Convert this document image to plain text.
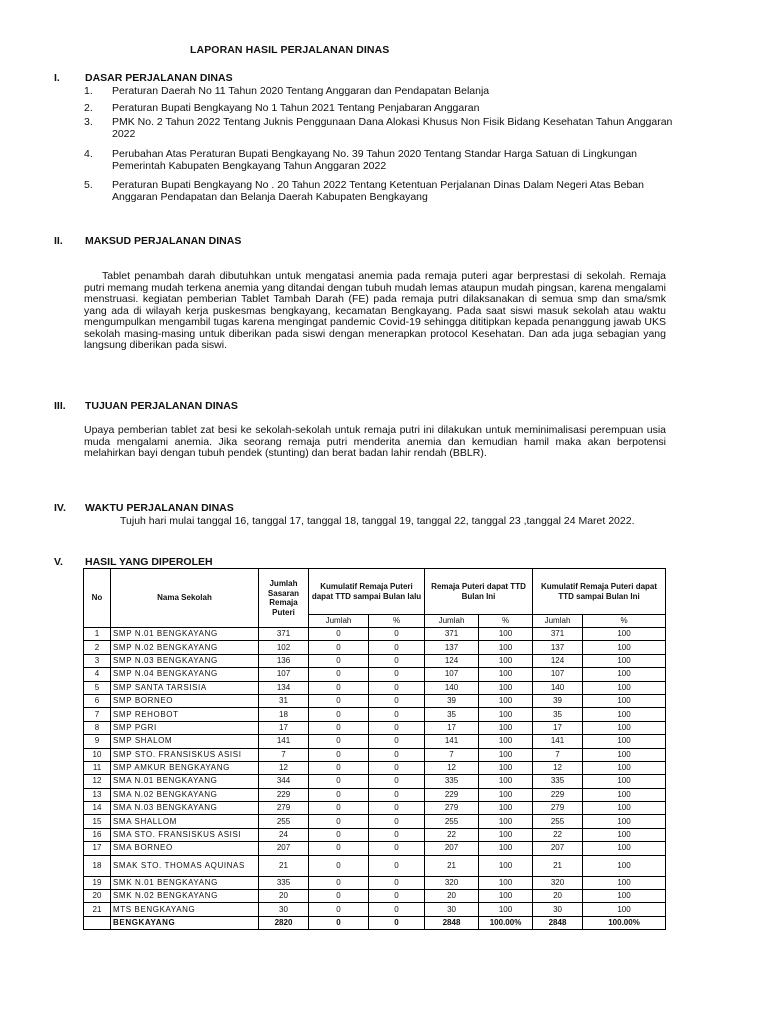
LAPORAN HASIL PERJALANAN DINAS
I. DASAR PERJALANAN DINAS
1. Peraturan Daerah No 11 Tahun 2020 Tentang Anggaran dan Pendapatan Belanja
2. Peraturan Bupati Bengkayang No 1 Tahun 2021 Tentang Penjabaran Anggaran
3. PMK No. 2 Tahun 2022 Tentang Juknis Penggunaan Dana Alokasi Khusus Non Fisik Bidang Kesehatan Tahun Anggaran 2022
4. Perubahan Atas Peraturan Bupati Bengkayang No. 39 Tahun 2020 Tentang Standar Harga Satuan di Lingkungan Pemerintah Kabupaten Bengkayang Tahun Anggaran 2022
5. Peraturan Bupati Bengkayang No . 20 Tahun 2022 Tentang Ketentuan Perjalanan Dinas Dalam Negeri Atas Beban Anggaran Pendapatan dan Belanja Daerah Kabupaten Bengkayang
II. MAKSUD PERJALANAN DINAS
Tablet penambah darah dibutuhkan untuk mengatasi anemia pada remaja puteri agar berprestasi di sekolah. Remaja putri memang mudah terkena anemia yang ditandai dengan tubuh mudah lemas ataupun mudah pingsan, karena mengalami menstruasi. kegiatan pemberian Tablet Tambah Darah (FE) pada remaja putri dilaksanakan di semua smp dan sma/smk yang ada di wilayah kerja puskesmas bengkayang, kecamatan Bengkayang. Pada saat siswi masuk sekolah atau waktu mengumpulkan mengambil tugas karena mengingat pandemic Covid-19 sehingga dititipkan kepada penanggung jawab UKS sekolah masing-masing untuk diberikan pada siswi dengan menerapkan protocol Kesehatan. Dan ada juga sebagian yang langsung diberikan pada siswi.
III. TUJUAN PERJALANAN DINAS
Upaya pemberian tablet zat besi ke sekolah-sekolah untuk remaja putri ini dilakukan untuk meminimalisasi perempuan usia muda mengalami anemia. Jika seorang remaja putri menderita anemia dan kemudian hamil maka akan berpotensi melahirkan bayi dengan tubuh pendek (stunting) dan berat badan lahir rendah (BBLR).
IV. WAKTU PERJALANAN DINAS
Tujuh hari mulai tanggal 16, tanggal 17, tanggal 18, tanggal 19, tanggal 22, tanggal 23 ,tanggal 24 Maret 2022.
V. HASIL YANG DIPEROLEH
No	Nama Sekolah	Jumlah Sasaran Remaja Puteri	Kumulatif Remaja Puteri dapat TTD sampai Bulan lalu		Remaja Puteri dapat TTD Bulan Ini		Kumulatif Remaja Puteri dapat TTD sampai Bulan Ini	
			Jumlah	%	Jumlah	%	Jumlah	%
1	SMP N.01 BENGKAYANG	371	0	0	371	100	371	100
2	SMP N.02 BENGKAYANG	102	0	0	137	100	137	100
3	SMP N.03 BENGKAYANG	136	0	0	124	100	124	100
4	SMP N.04 BENGKAYANG	107	0	0	107	100	107	100
5	SMP SANTA TARSISIA	134	0	0	140	100	140	100
6	SMP BORNEO	31	0	0	39	100	39	100
7	SMP REHOBOT	18	0	0	35	100	35	100
8	SMP PGRI	17	0	0	17	100	17	100
9	SMP SHALOM	141	0	0	141	100	141	100
10	SMP STO. FRANSISKUS ASISI	7	0	0	7	100	7	100
11	SMP AMKUR BENGKAYANG	12	0	0	12	100	12	100
12	SMA N.01 BENGKAYANG	344	0	0	335	100	335	100
13	SMA N.02 BENGKAYANG	229	0	0	229	100	229	100
14	SMA N.03 BENGKAYANG	279	0	0	279	100	279	100
15	SMA SHALLOM	255	0	0	255	100	255	100
16	SMA STO. FRANSISKUS ASISI	24	0	0	22	100	22	100
17	SMA BORNEO	207	0	0	207	100	207	100
18	SMAK STO. THOMAS AQUINAS	21	0	0	21	100	21	100
19	SMK N.01 BENGKAYANG	335	0	0	320	100	320	100
20	SMK N.02 BENGKAYANG	20	0	0	20	100	20	100
21	MTS BENGKAYANG	30	0	0	30	100	30	100
	BENGKAYANG	2820	0	0	2848	100.00%	2848	100.00%
